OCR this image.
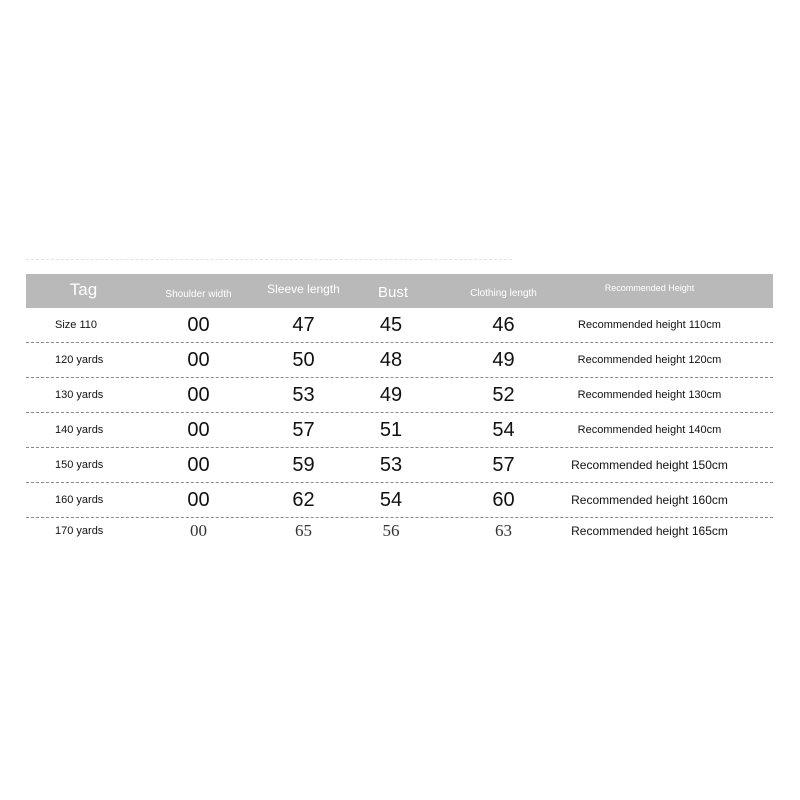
Tag	Shoulder width	Sleeve length	Bust	Clothing length	Recommended Height
Size 110	00	47	45	46	Recommended height 110cm
120 yards	00	50	48	49	Recommended height 120cm
130 yards	00	53	49	52	Recommended height 130cm
140 yards	00	57	51	54	Recommended height 140cm
150 yards	00	59	53	57	Recommended height 150cm
160 yards	00	62	54	60	Recommended height 160cm
170 yards	00	65	56	63	Recommended height 165cm
